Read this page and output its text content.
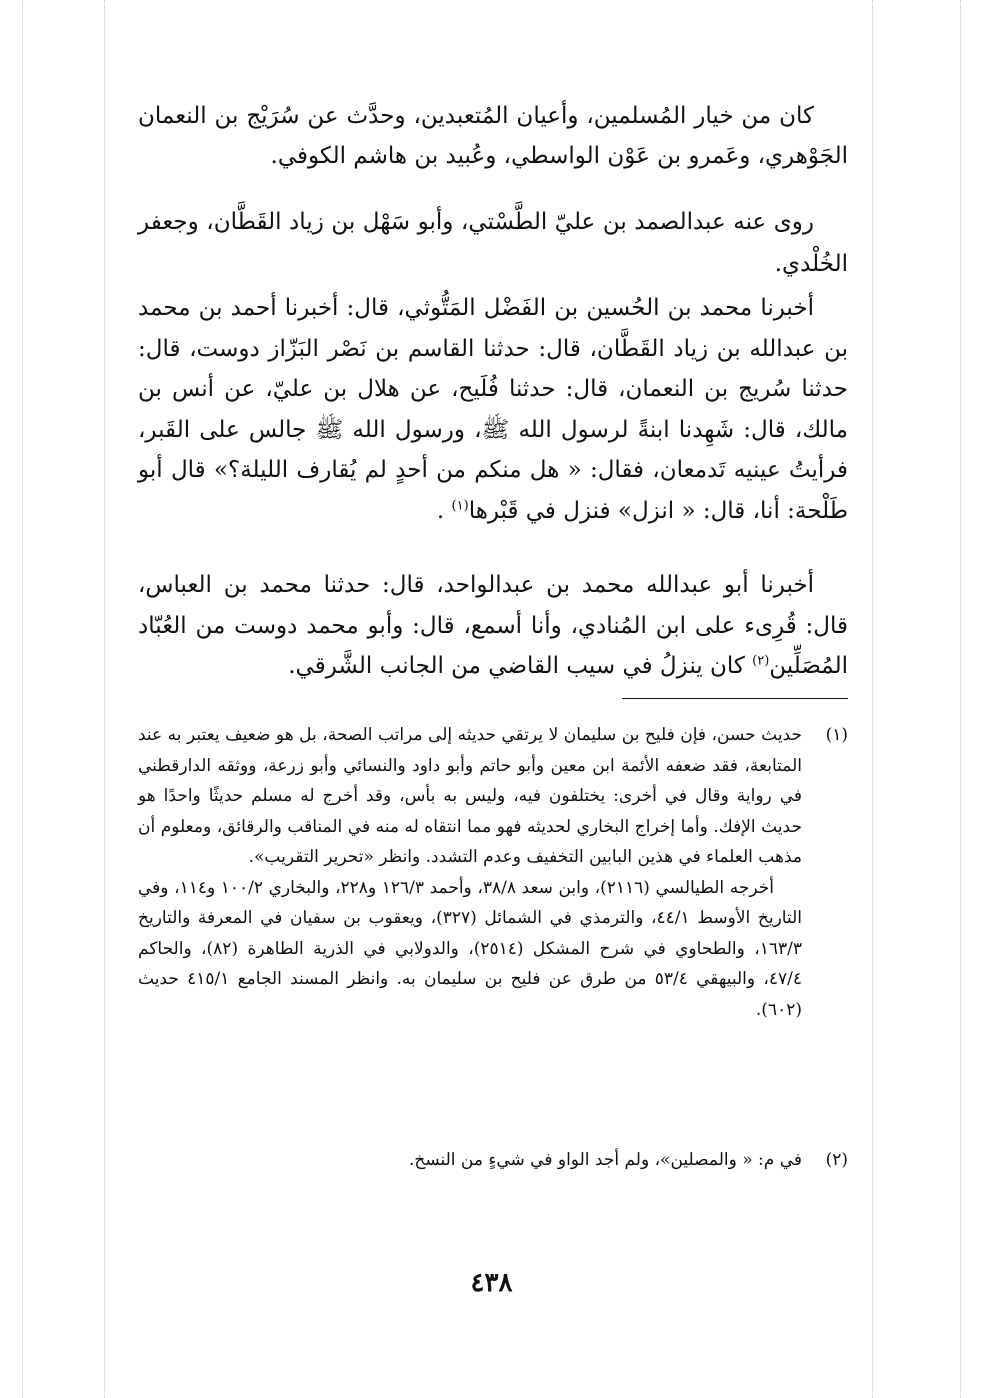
كان من خيار المُسلمين، وأعيان المُتعبدين، وحدَّث عن سُرَيْج بن النعمان الجَوْهري، وعَمرو بن عَوْن الواسطي، وعُبيد بن هاشم الكوفي.

روى عنه عبدالصمد بن عليّ الطَّسْتي، وأبو سَهْل بن زياد القَطَّان، وجعفر الخُلْدي.

أخبرنا محمد بن الحُسين بن الفَضْل المَتُّوثي، قال: أخبرنا أحمد بن محمد بن عبدالله بن زياد القَطَّان، قال: حدثنا القاسم بن نَصْر البَزّاز دوست، قال: حدثنا سُريج بن النعمان، قال: حدثنا فُلَيح، عن هلال بن عليّ، عن أنس بن مالك، قال: شَهِدنا ابنةً لرسول الله ﷺ، ورسول الله ﷺ جالس على القَبر، فرأيتُ عينيه تَدمعان، فقال: « هل منكم من أحدٍ لم يُقارف الليلة؟» قال أبو طَلْحة: أنا، قال: « انزل» فنزل في قَبْرها$^{(١)}$ .

أخبرنا أبو عبدالله محمد بن عبدالواحد، قال: حدثنا محمد بن العباس، قال: قُرِىء على ابن المُنادي، وأنا أسمع، قال: وأبو محمد دوست من العُبّاد المُصَلِّين$^{(٢)}$ كان ينزلُ في سيب القاضي من الجانب الشَّرقي.

(١)

حديث حسن، فإن فليح بن سليمان لا يرتقي حديثه إلى مراتب الصحة، بل هو ضعيف يعتبر به عند المتابعة، فقد ضعفه الأئمة ابن معين وأبو حاتم وأبو داود والنسائي وأبو زرعة، ووثقه الدارقطني في رواية وقال في أخرى: يختلفون فيه، وليس به بأس، وقد أخرج له مسلم حديثًا واحدًا هو حديث الإفك. وأما إخراج البخاري لحديثه فهو مما انتقاه له منه في المناقب والرقائق، ومعلوم أن مذهب العلماء في هذين البابين التخفيف وعدم التشدد. وانظر «تحرير التقريب».

أخرجه الطيالسي (٢١١٦)، وابن سعد ٣٨/٨، وأحمد ١٢٦/٣ و٢٢٨، والبخاري ١٠٠/٢ و١١٤، وفي التاريخ الأوسط ٤٤/١، والترمذي في الشمائل (٣٢٧)، ويعقوب بن سفيان في المعرفة والتاريخ ١٦٣/٣، والطحاوي في شرح المشكل (٢٥١٤)، والدولابي في الذرية الطاهرة (٨٢)، والحاكم ٤٧/٤، والبيهقي ٥٣/٤ من طرق عن فليح بن سليمان به. وانظر المسند الجامع ٤١٥/١ حديث (٦٠٢).

(٢)

في م: « والمصلين»، ولم أجد الواو في شيءٍ من النسخ.

٤٣٨
